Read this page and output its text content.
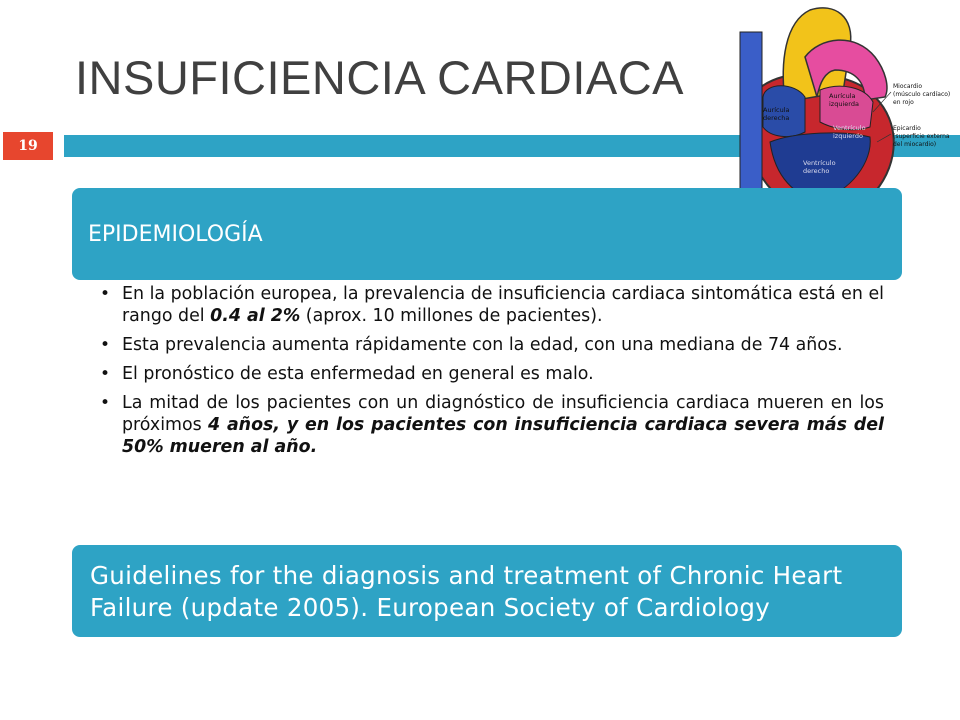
INSUFICIENCIA CARDIACA
19
Aurícula derecha
Aurícula izquierda
Ventrículo izquierdo
Ventrículo derecho
Miocardio (músculo cardíaco) en rojo
Epicardio (superficie externa del miocardio)
EPIDEMIOLOGÍA
• En la población europea, la prevalencia de insuficiencia cardiaca sintomática está en el rango del 0.4 al 2% (aprox. 10 millones de pacientes).
• Esta prevalencia aumenta rápidamente con la edad, con una mediana de 74 años.
• El pronóstico de esta enfermedad en general es malo.
• La mitad de los pacientes con un diagnóstico de insuficiencia cardiaca mueren en los próximos 4 años, y en los pacientes con insuficiencia cardiaca severa más del 50% mueren al año.
Guidelines for the diagnosis and treatment of Chronic Heart Failure (update 2005). European Society of Cardiology
